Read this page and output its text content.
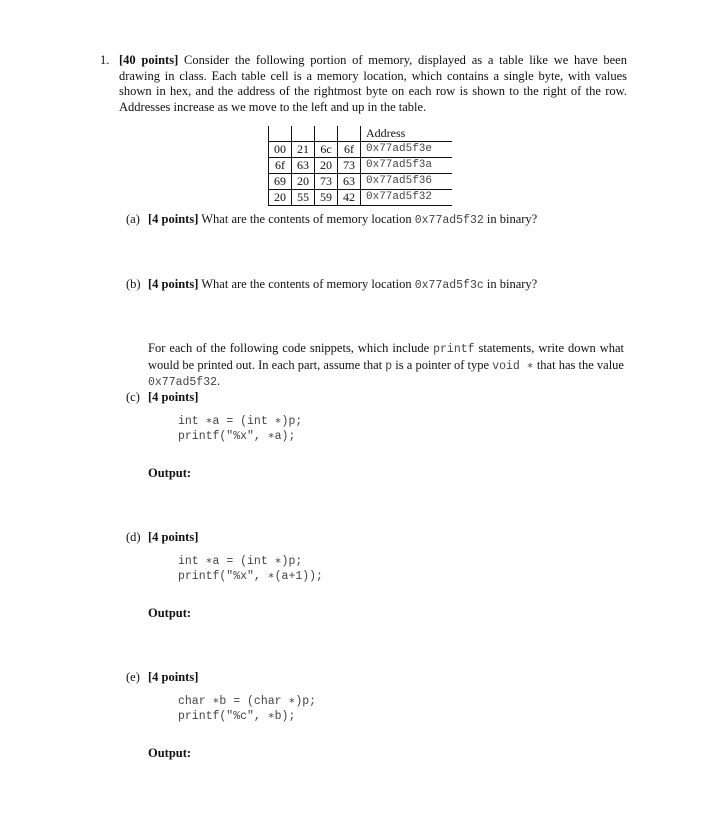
1. [40 points] Consider the following portion of memory, displayed as a table like we have been drawing in class. Each table cell is a memory location, which contains a single byte, with values shown in hex, and the address of the rightmost byte on each row is shown to the right of the row. Addresses increase as we move to the left and up in the table.
				Address
00	21	6c	6f	0x77ad5f3e
6f	63	20	73	0x77ad5f3a
69	20	73	63	0x77ad5f36
20	55	59	42	0x77ad5f32
(a) [4 points] What are the contents of memory location 0x77ad5f32 in binary?
(b) [4 points] What are the contents of memory location 0x77ad5f3c in binary?
For each of the following code snippets, which include printf statements, write down what would be printed out. In each part, assume that p is a pointer of type void ∗ that has the value 0x77ad5f32.
(c) [4 points]
int ∗a = (int ∗)p;
printf("%x", ∗a);
Output:
(d) [4 points]
int ∗a = (int ∗)p;
printf("%x", ∗(a+1));
Output:
(e) [4 points]
char ∗b = (char ∗)p;
printf("%c", ∗b);
Output:
